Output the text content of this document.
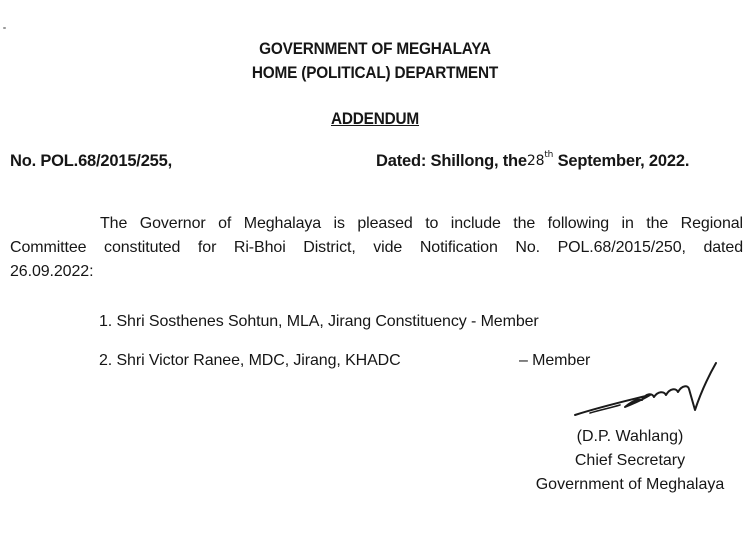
GOVERNMENT OF MEGHALAYA
HOME (POLITICAL) DEPARTMENT
ADDENDUM
No. POL.68/2015/255,	Dated: Shillong, the28th September, 2022.
The Governor of Meghalaya is pleased to include the following in the Regional
Committee constituted for Ri-Bhoi District, vide Notification No. POL.68/2015/250, dated
26.09.2022:
1. Shri Sosthenes Sohtun, MLA, Jirang Constituency - Member
2. Shri Victor Ranee, MDC, Jirang, KHADC	– Member
(D.P. Wahlang)
Chief Secretary
Government of Meghalaya
